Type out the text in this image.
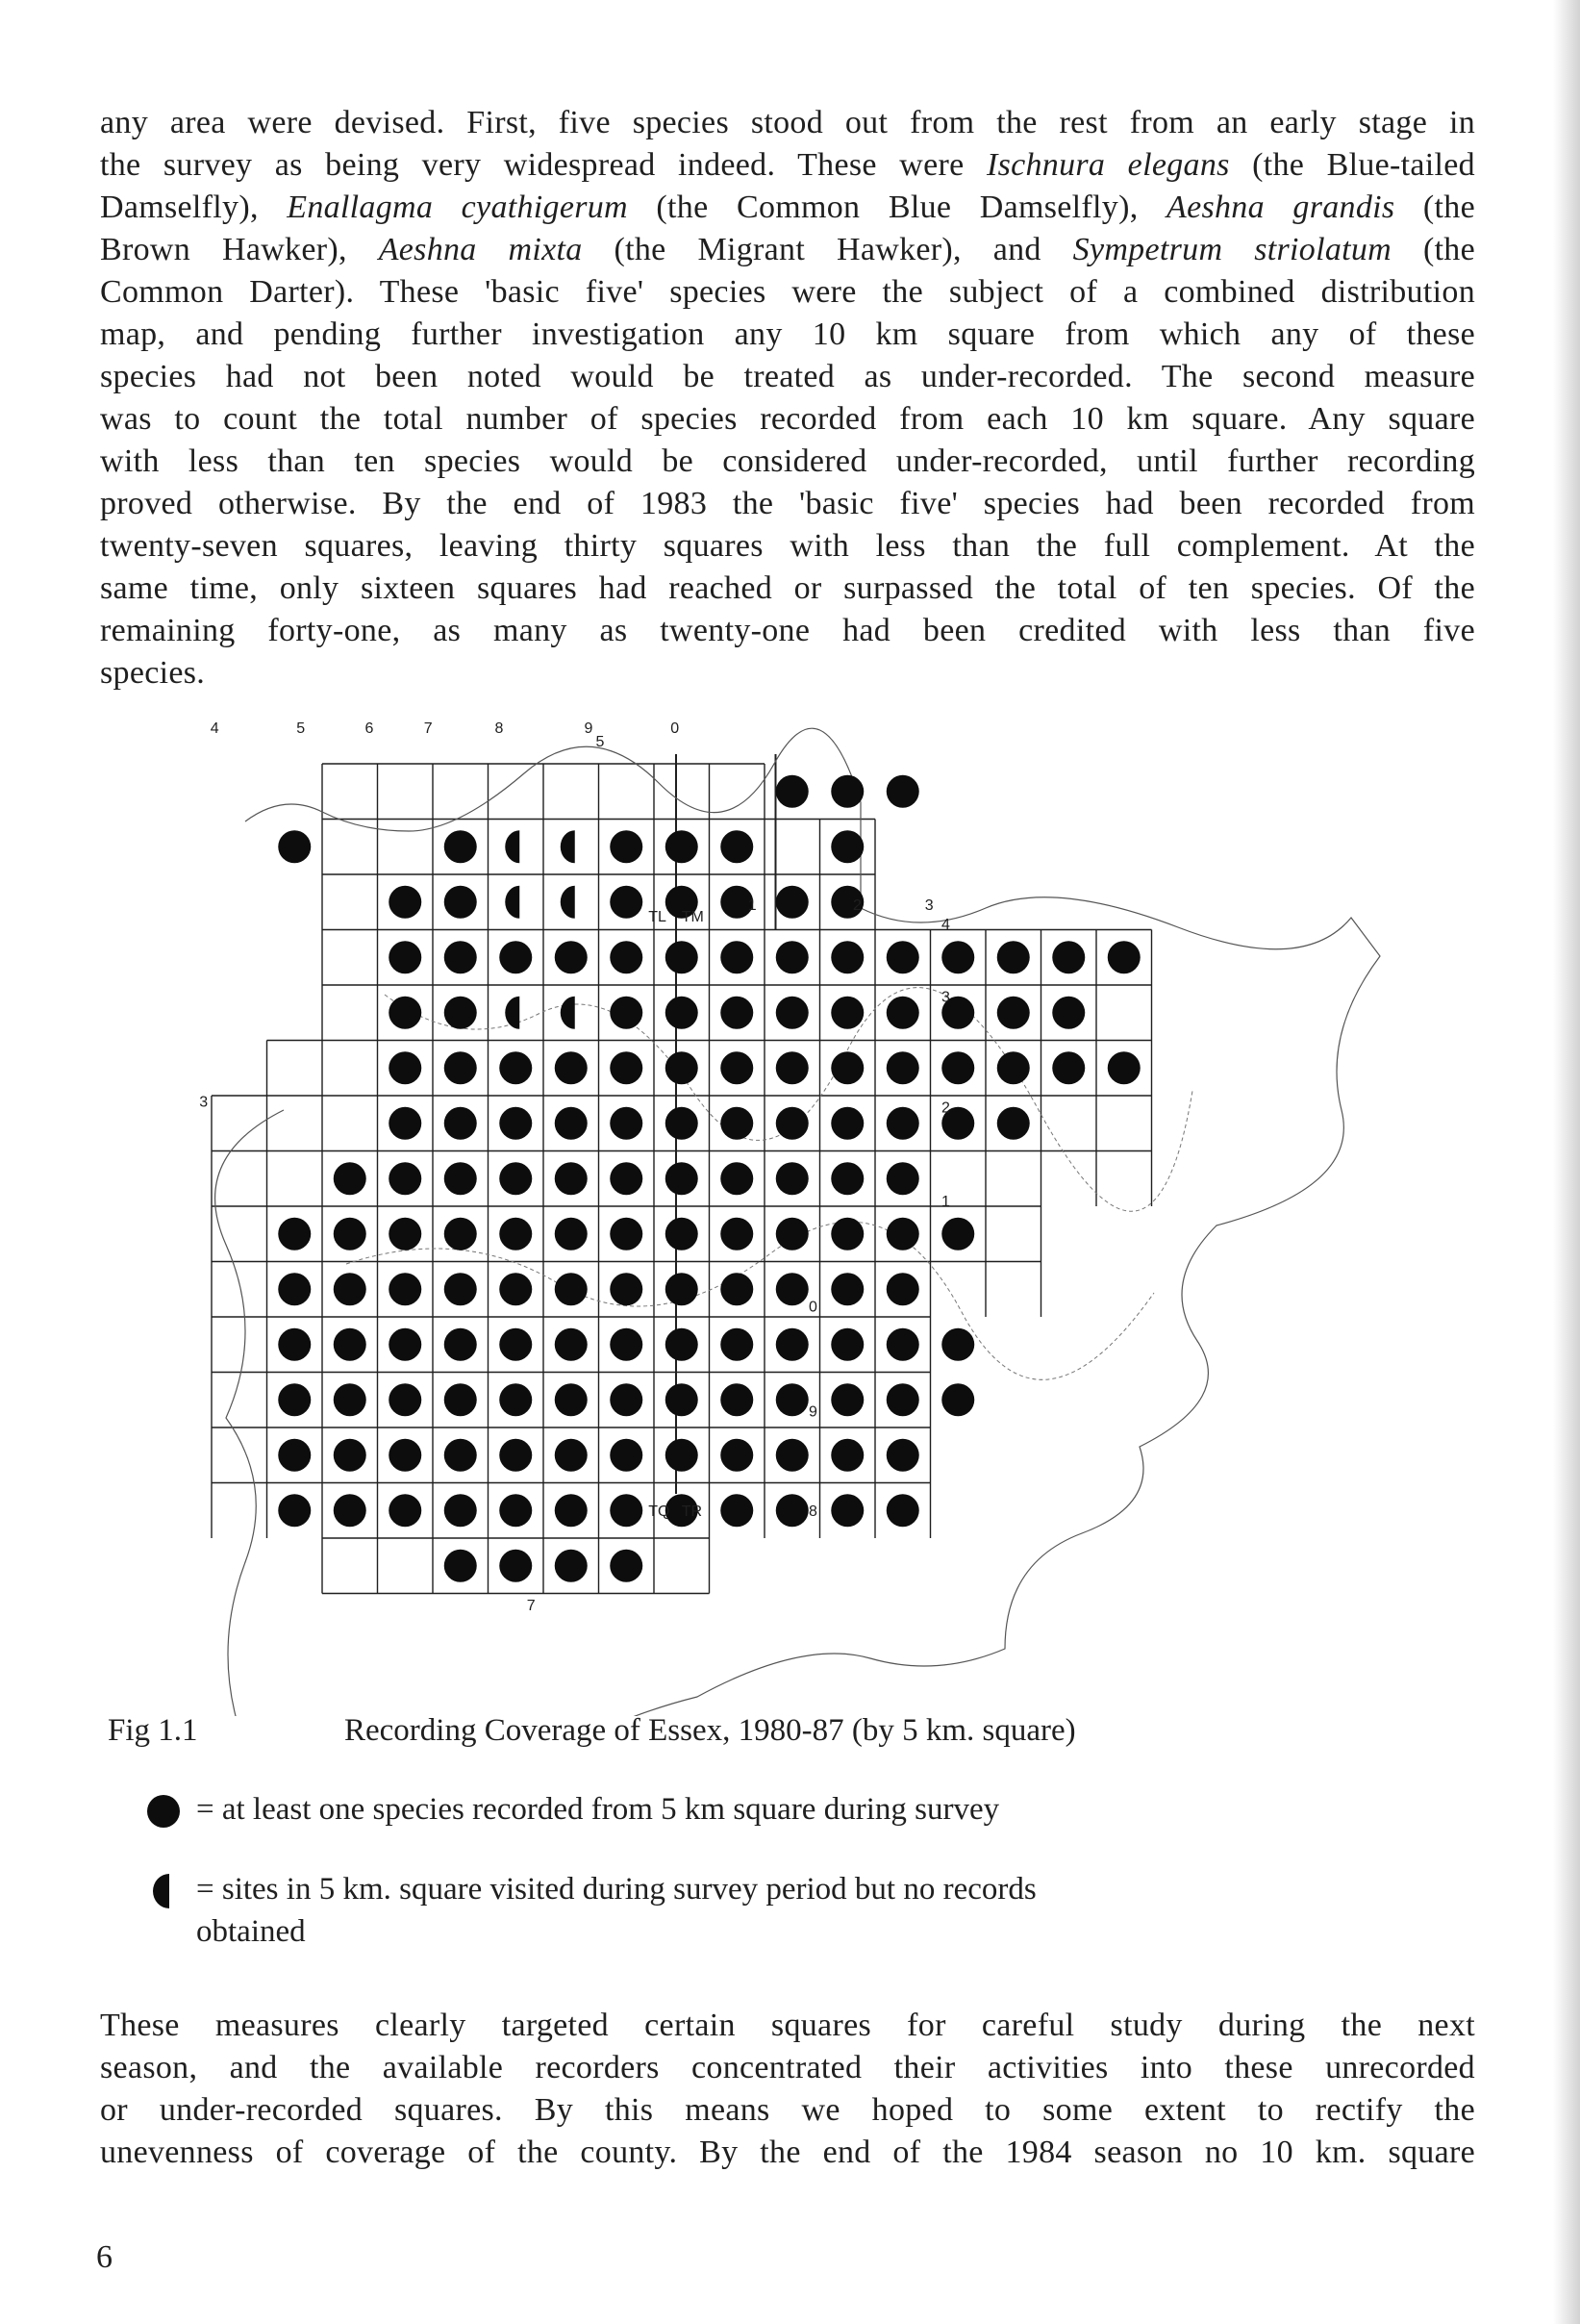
any area were devised. First, five species stood out from the rest from an early stage in

the survey as being very widespread indeed. These were Ischnura elegans (the Blue-tailed

Damselfly), Enallagma cyathigerum (the Common Blue Damselfly), Aeshna grandis (the

Brown Hawker), Aeshna mixta (the Migrant Hawker), and Sympetrum striolatum (the

Common Darter). These 'basic five' species were the subject of a combined distribution

map, and pending further investigation any 10 km square from which any of these

species had not been noted would be treated as under-recorded. The second measure

was to count the total number of species recorded from each 10 km square. Any square

with less than ten species would be considered under-recorded, until further recording

proved otherwise. By the end of 1983 the 'basic five' species had been recorded from

twenty-seven squares, leaving thirty squares with less than the full complement. At the

same time, only sixteen squares had reached or surpassed the total of ten species. Of the

remaining forty-one, as many as twenty-one had been credited with less than five

species.

4	5	6	7	8	9
5
0
TL TM
1	2	3
4
3
2
1
0
9
8
3
7
TQ TR
Fig 1.1	Recording Coverage of Essex, 1980-87 (by 5 km. square)
= at least one species recorded from 5 km square during survey
= sites in 5 km. square visited during survey period but no records
obtained

These measures clearly targeted certain squares for careful study during the next

season, and the available recorders concentrated their activities into these unrecorded

or under-recorded squares. By this means we hoped to some extent to rectify the

unevenness of coverage of the county. By the end of the 1984 season no 10 km. square

6
